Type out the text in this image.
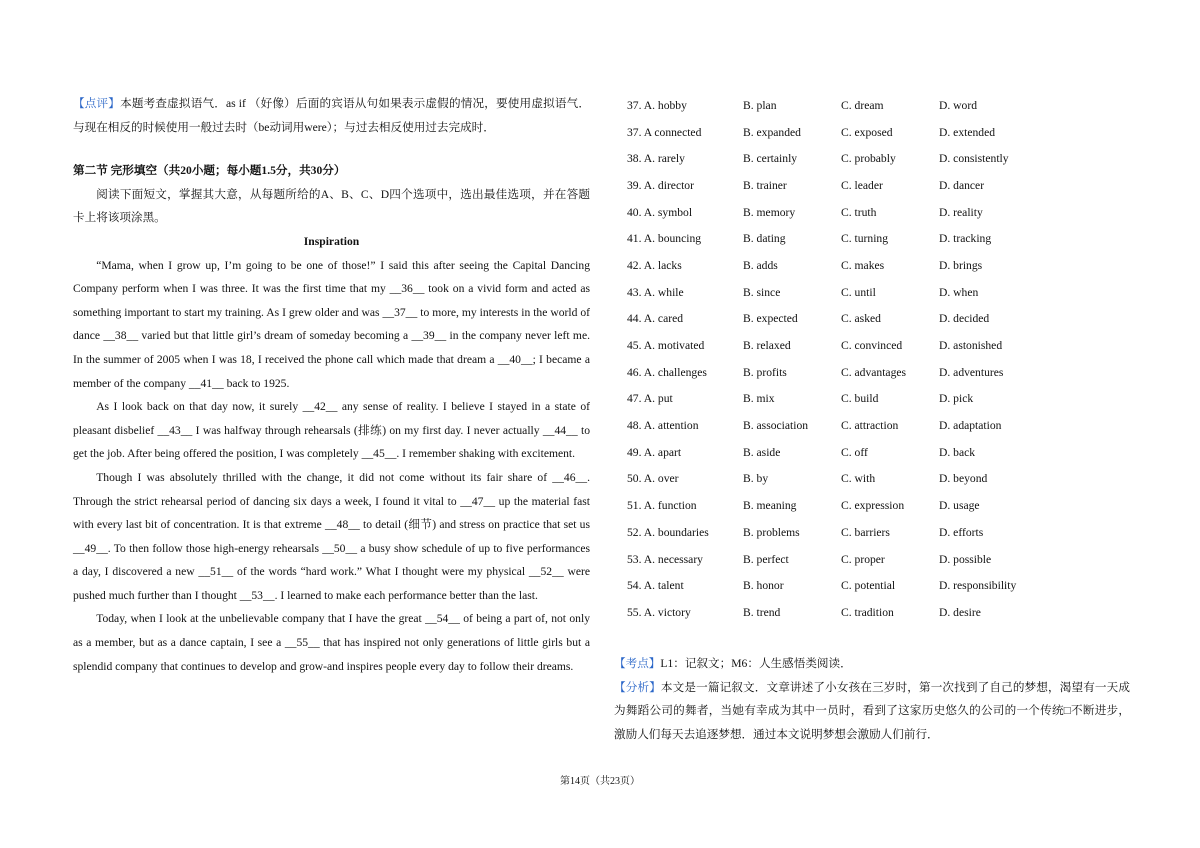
【点评】本题考查虚拟语气．as if （好像）后面的宾语从句如果表示虚假的情况，要使用虚拟语气．与现在相反的时候使用一般过去时（be动词用were）；与过去相反使用过去完成时．

第二节 完形填空（共20小题；每小题1.5分，共30分）

阅读下面短文，掌握其大意，从每题所给的A、B、C、D四个选项中，选出最佳选项，并在答题卡上将该项涂黑。

Inspiration

“Mama, when I grow up, I’m going to be one of those!” I said this after seeing the Capital Dancing Company perform when I was three. It was the first time that my __36__ took on a vivid form and acted as something important to start my training. As I grew older and was __37__ to more, my interests in the world of dance __38__ varied but that little girl’s dream of someday becoming a __39__ in the company never left me. In the summer of 2005 when I was 18, I received the phone call which made that dream a __40__; I became a member of the company __41__ back to 1925.

As I look back on that day now, it surely __42__ any sense of reality. I believe I stayed in a state of pleasant disbelief __43__ I was halfway through rehearsals (排练) on my first day. I never actually __44__ to get the job. After being offered the position, I was completely __45__. I remember shaking with excitement.

Though I was absolutely thrilled with the change, it did not come without its fair share of __46__. Through the strict rehearsal period of dancing six days a week, I found it vital to __47__ up the material fast with every last bit of concentration. It is that extreme __48__ to detail (细节) and stress on practice that set us __49__. To then follow those high-energy rehearsals __50__ a busy show schedule of up to five performances a day, I discovered a new __51__ of the words “hard work.” What I thought were my physical __52__ were pushed much further than I thought __53__. I learned to make each performance better than the last.

Today, when I look at the unbelievable company that I have the great __54__ of being a part of, not only as a member, but as a dance captain, I see a __55__ that has inspired not only generations of little girls but a splendid company that continues to develop and grow-and inspires people every day to follow their dreams.

37. A. hobby	B. plan	C. dream	D. word
37. A connected	B. expanded	C. exposed	D. extended
38. A. rarely	B. certainly	C. probably	D. consistently
39. A. director	B. trainer	C. leader	D. dancer
40. A. symbol	B. memory	C. truth	D. reality
41. A. bouncing	B. dating	C. turning	D. tracking
42. A. lacks	B. adds	C. makes	D. brings
43. A. while	B. since	C. until	D. when
44. A. cared	B. expected	C. asked	D. decided
45. A. motivated	B. relaxed	C. convinced	D. astonished
46. A. challenges	B. profits	C. advantages	D. adventures
47. A. put	B. mix	C. build	D. pick
48. A. attention	B. association	C. attraction	D. adaptation
49. A. apart	B. aside	C. off	D. back
50. A. over	B. by	C. with	D. beyond
51. A. function	B. meaning	C. expression	D. usage
52. A. boundaries	B. problems	C. barriers	D. efforts
53. A. necessary	B. perfect	C. proper	D. possible
54. A. talent	B. honor	C. potential	D. responsibility
55. A. victory	B. trend	C. tradition	D. desire

【考点】L1：记叙文；M6：人生感悟类阅读．

【分析】本文是一篇记叙文．文章讲述了小女孩在三岁时，第一次找到了自己的梦想，渴望有一天成为舞蹈公司的舞者，当她有幸成为其中一员时，看到了这家历史悠久的公司的一个传统□不断进步，激励人们每天去追逐梦想．通过本文说明梦想会激励人们前行．

第14页（共23页）
